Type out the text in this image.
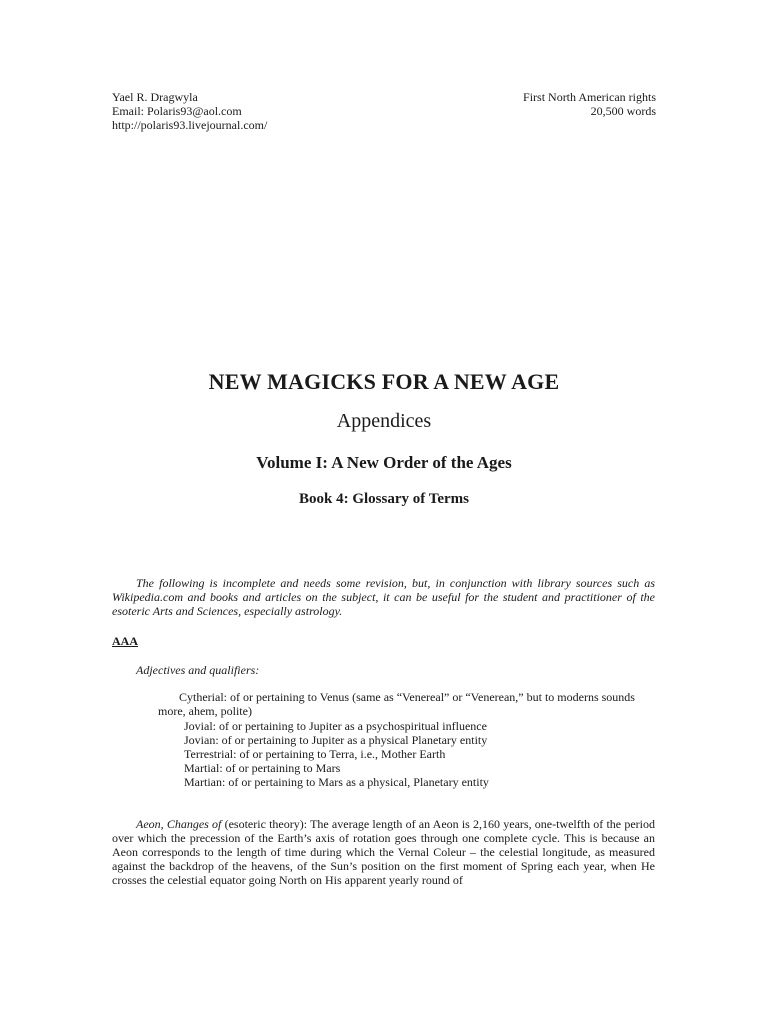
Yael R. Dragwyla
Email: Polaris93@aol.com
http://polaris93.livejournal.com/
First North American rights
20,500 words
NEW MAGICKS FOR A NEW AGE
Appendices
Volume I: A New Order of the Ages
Book 4: Glossary of Terms
The following is incomplete and needs some revision, but, in conjunction with library sources such as Wikipedia.com and books and articles on the subject, it can be useful for the student and practitioner of the esoteric Arts and Sciences, especially astrology.
AAA
Adjectives and qualifiers:
Cytherial: of or pertaining to Venus (same as “Venereal” or “Venerean,” but to moderns sounds more, ahem, polite)
Jovial: of or pertaining to Jupiter as a psychospiritual influence
Jovian: of or pertaining to Jupiter as a physical Planetary entity
Terrestrial: of or pertaining to Terra, i.e., Mother Earth
Martial: of or pertaining to Mars
Martian: of or pertaining to Mars as a physical, Planetary entity
Aeon, Changes of (esoteric theory): The average length of an Aeon is 2,160 years, one-twelfth of the period over which the precession of the Earth’s axis of rotation goes through one complete cycle. This is because an Aeon corresponds to the length of time during which the Vernal Coleur – the celestial longitude, as measured against the backdrop of the heavens, of the Sun’s position on the first moment of Spring each year, when He crosses the celestial equator going North on His apparent yearly round of
